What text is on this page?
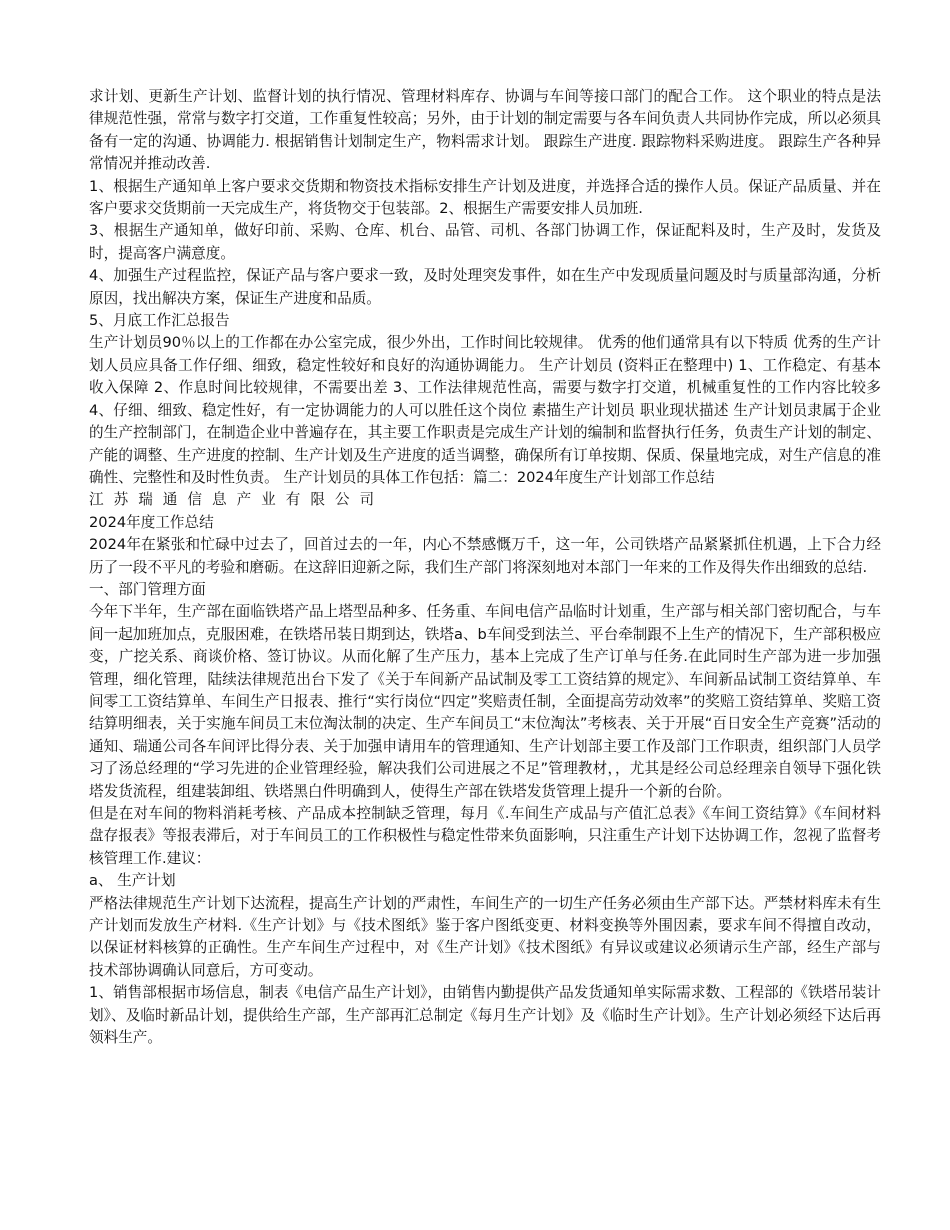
求计划、更新生产计划、监督计划的执行情况、管理材料库存、协调与车间等接口部门的配合工作。 这个职业的特点是法律规范性强，常常与数字打交道，工作重复性较高；另外，由于计划的制定需要与各车间负责人共同协作完成，所以必须具备有一定的沟通、协调能力. 根据销售计划制定生产，物料需求计划。 跟踪生产进度. 跟踪物料采购进度。 跟踪生产各种异常情况并推动改善.

1、根据生产通知单上客户要求交货期和物资技术指标安排生产计划及进度，并选择合适的操作人员。保证产品质量、并在客户要求交货期前一天完成生产，将货物交于包装部。2、根据生产需要安排人员加班.

3、根据生产通知单，做好印前、采购、仓库、机台、品管、司机、各部门协调工作，保证配料及时，生产及时，发货及时，提高客户满意度。

4、加强生产过程监控，保证产品与客户要求一致，及时处理突发事件，如在生产中发现质量问题及时与质量部沟通，分析原因，找出解决方案，保证生产进度和品质。

5、月底工作汇总报告

生产计划员90％以上的工作都在办公室完成，很少外出，工作时间比较规律。 优秀的他们通常具有以下特质 优秀的生产计划人员应具备工作仔细、细致，稳定性较好和良好的沟通协调能力。 生产计划员 (资料正在整理中) 1、工作稳定、有基本收入保障 2、作息时间比较规律，不需要出差 3、工作法律规范性高，需要与数字打交道，机械重复性的工作内容比较多 4、仔细、细致、稳定性好，有一定协调能力的人可以胜任这个岗位 素描生产计划员 职业现状描述 生产计划员隶属于企业的生产控制部门，在制造企业中普遍存在，其主要工作职责是完成生产计划的编制和监督执行任务，负责生产计划的制定、产能的调整、生产进度的控制、生产计划及生产进度的适当调整，确保所有订单按期、保质、保量地完成，对生产信息的准确性、完整性和及时性负责。 生产计划员的具体工作包括：篇二：2024年度生产计划部工作总结

江苏瑞通信息产业有限公司

2024年度工作总结

2024年在紧张和忙碌中过去了，回首过去的一年，内心不禁感慨万千，这一年，公司铁塔产品紧紧抓住机遇，上下合力经历了一段不平凡的考验和磨砺。在这辞旧迎新之际，我们生产部门将深刻地对本部门一年来的工作及得失作出细致的总结.

一、部门管理方面

今年下半年，生产部在面临铁塔产品上塔型品种多、任务重、车间电信产品临时计划重，生产部与相关部门密切配合，与车间一起加班加点，克服困难，在铁塔吊装日期到达，铁塔a、b车间受到法兰、平台牵制跟不上生产的情况下，生产部积极应变，广挖关系、商谈价格、签订协议。从而化解了生产压力，基本上完成了生产订单与任务.在此同时生产部为进一步加强管理，细化管理，陆续法律规范出台下发了《关于车间新产品试制及零工工资结算的规定》、车间新品试制工资结算单、车间零工工资结算单、车间生产日报表、推行“实行岗位“四定”奖赔责任制，全面提高劳动效率”的奖赔工资结算单、奖赔工资结算明细表，关于实施车间员工末位淘汰制的决定、生产车间员工“末位淘汰”考核表、关于开展“百日安全生产竞赛”活动的通知、瑞通公司各车间评比得分表、关于加强申请用车的管理通知、生产计划部主要工作及部门工作职责，组织部门人员学习了汤总经理的“学习先进的企业管理经验，解决我们公司进展之不足”管理教材，，尤其是经公司总经理亲自领导下强化铁塔发货流程，组建装卸组、铁塔黑白件明确到人，使得生产部在铁塔发货管理上提升一个新的台阶。

但是在对车间的物料消耗考核、产品成本控制缺乏管理，每月《.车间生产成品与产值汇总表》《车间工资结算》《车间材料盘存报表》等报表滞后，对于车间员工的工作积极性与稳定性带来负面影响，只注重生产计划下达协调工作，忽视了监督考核管理工作.建议：

a、 生产计划

严格法律规范生产计划下达流程，提高生产计划的严肃性，车间生产的一切生产任务必须由生产部下达。严禁材料库未有生产计划而发放生产材料.《生产计划》与《技术图纸》鉴于客户图纸变更、材料变换等外围因素，要求车间不得擅自改动，以保证材料核算的正确性。生产车间生产过程中，对《生产计划》《技术图纸》有异议或建议必须请示生产部，经生产部与技术部协调确认同意后，方可变动。

1、销售部根据市场信息，制表《电信产品生产计划》，由销售内勤提供产品发货通知单实际需求数、工程部的《铁塔吊装计划》、及临时新品计划，提供给生产部，生产部再汇总制定《每月生产计划》及《临时生产计划》。生产计划必须经下达后再领料生产。
